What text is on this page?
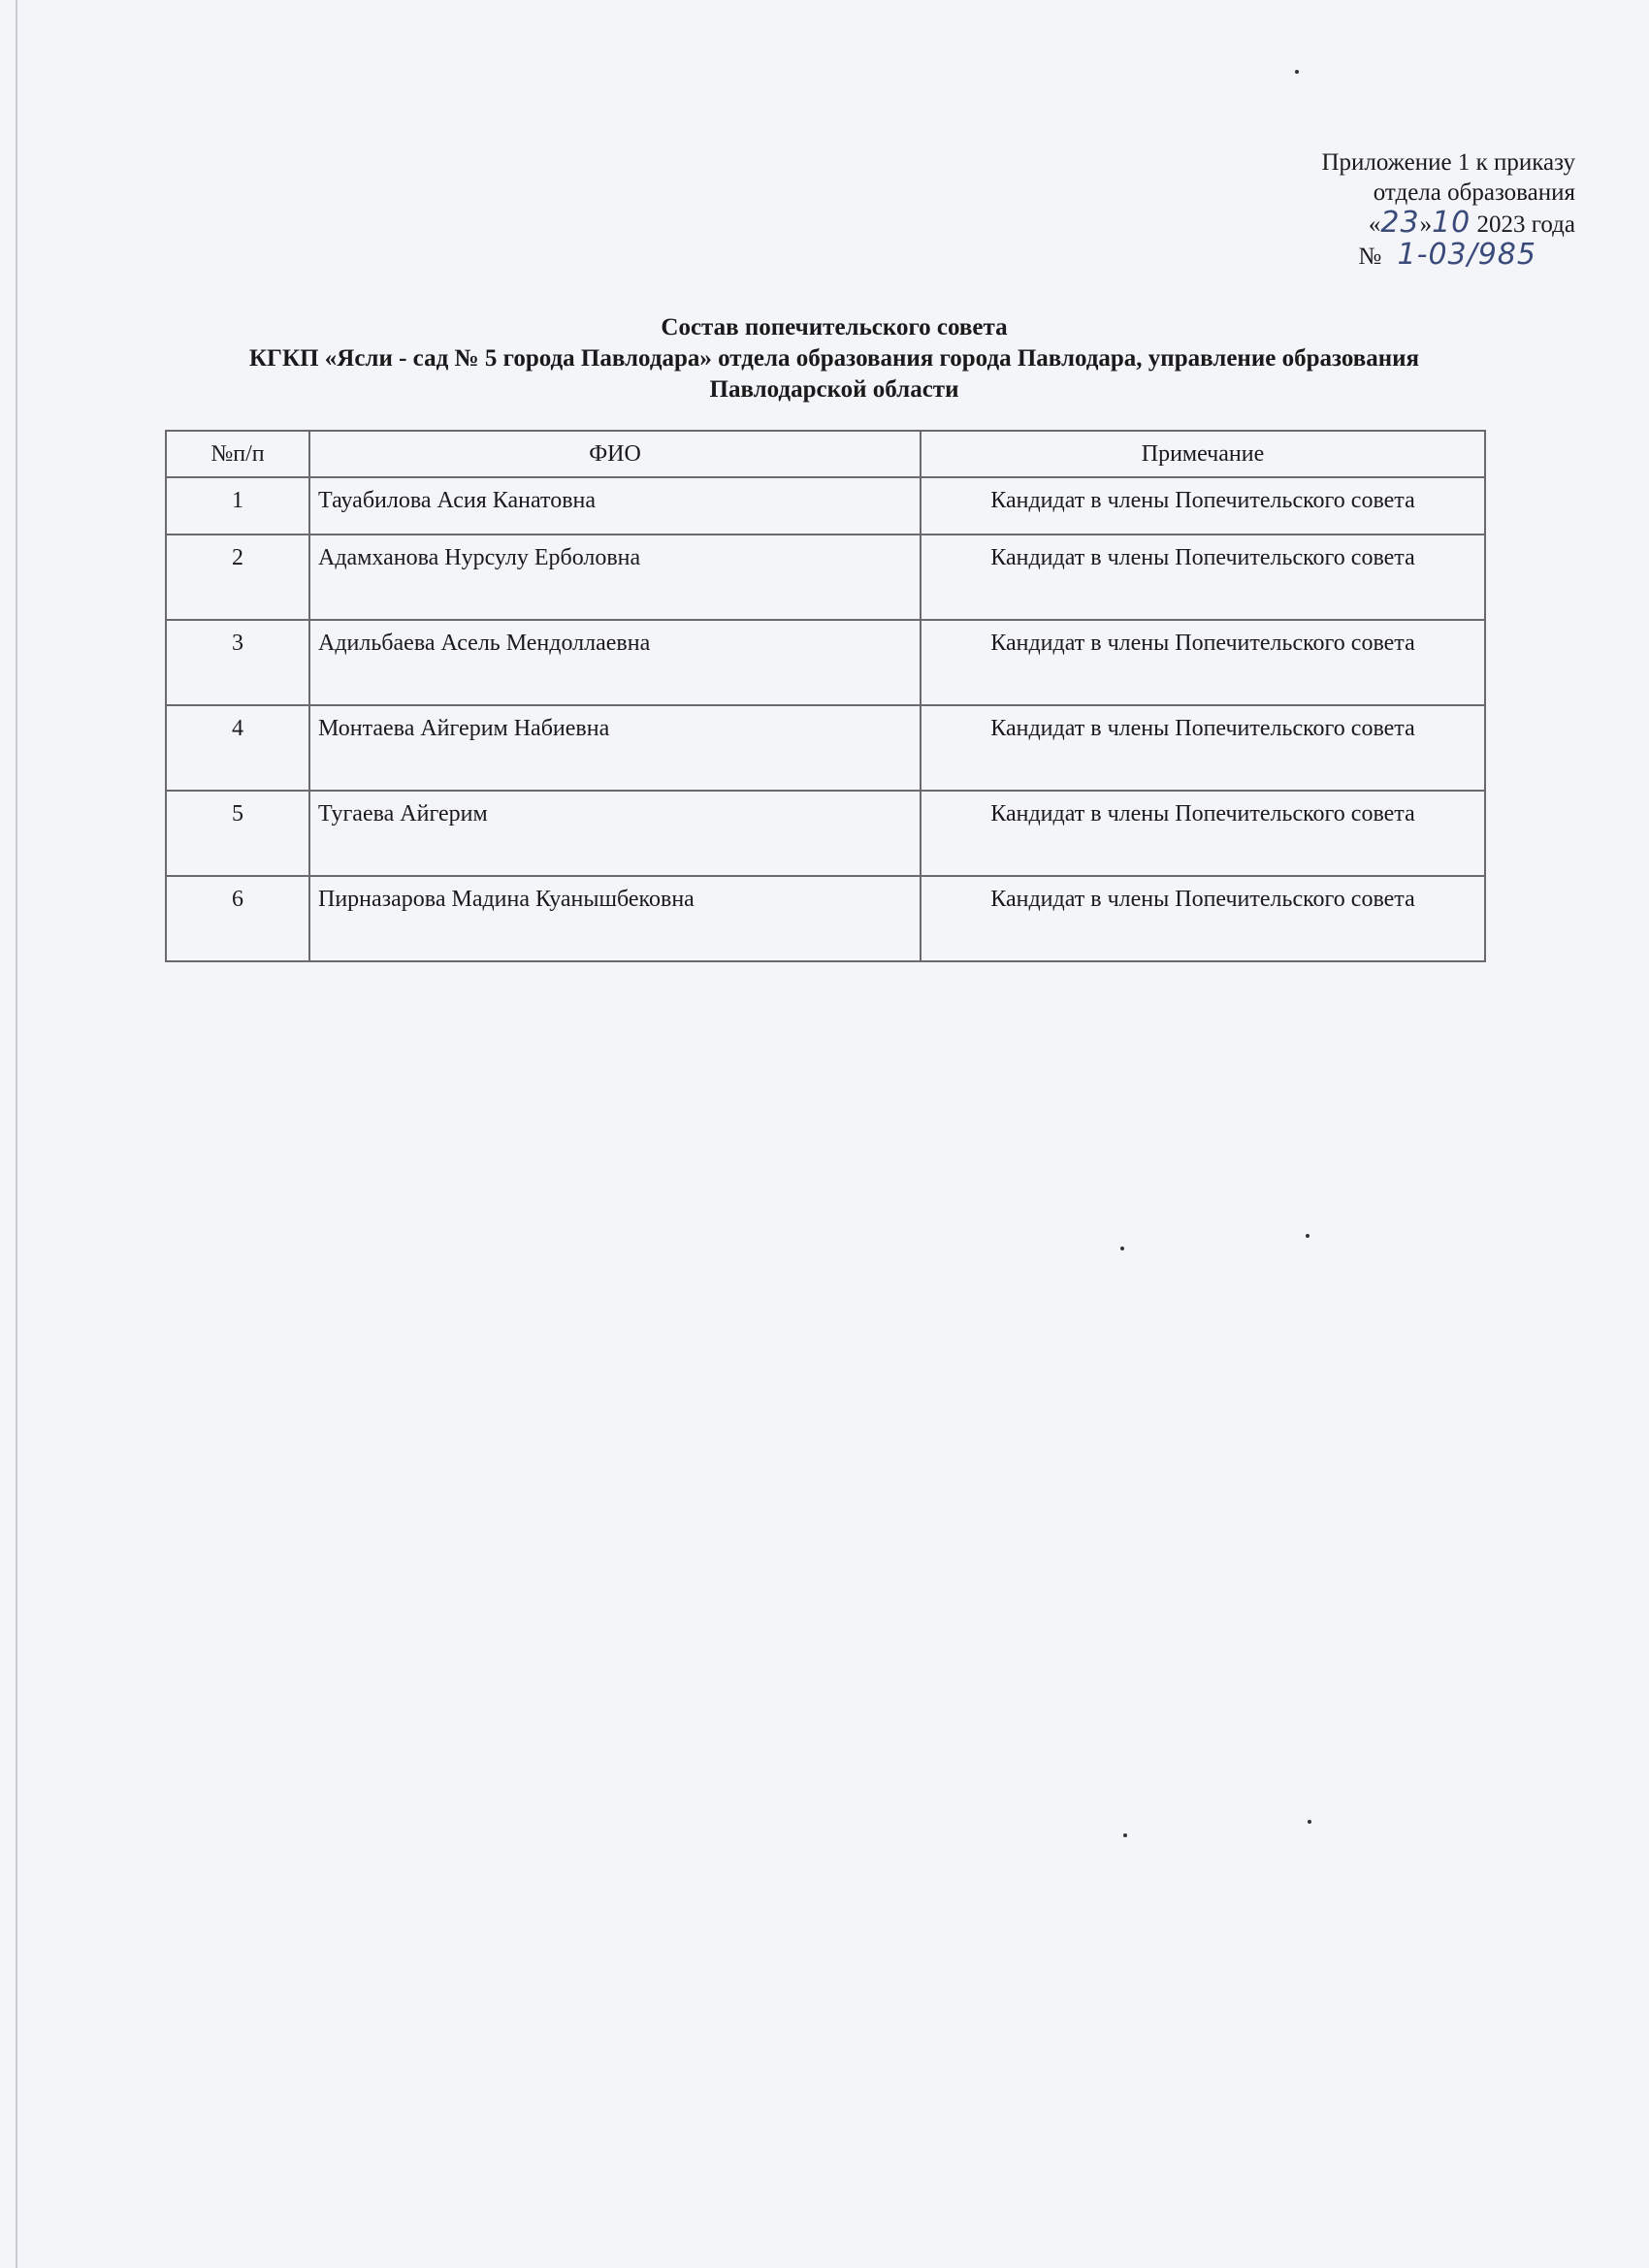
Приложение 1 к приказу
отдела образования
«23»10 2023 года
№ 1-03/985
Состав попечительского совета
КГКП «Ясли - сад № 5 города Павлодара» отдела образования города Павлодара, управление образования
Павлодарской области
№п/п	ФИО	Примечание
1	Тауабилова Асия Канатовна	Кандидат в члены Попечительского совета
2	Адамханова Нурсулу Ерболовна	Кандидат в члены Попечительского совета
3	Адильбаева Асель Мендоллаевна	Кандидат в члены Попечительского совета
4	Монтаева Айгерим Набиевна	Кандидат в члены Попечительского совета
5	Тугаева Айгерим	Кандидат в члены Попечительского совета
6	Пирназарова Мадина Куанышбековна	Кандидат в члены Попечительского совета
